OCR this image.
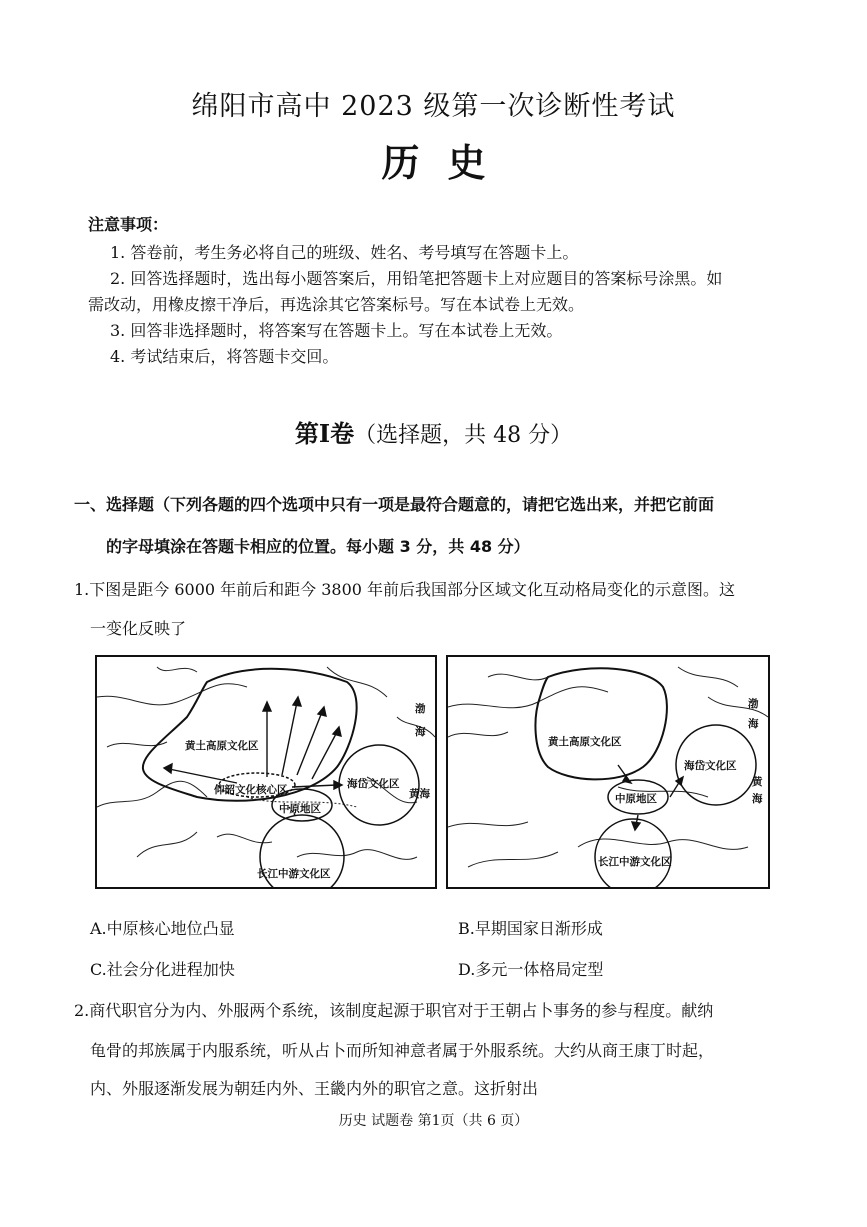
绵阳市高中 2023 级第一次诊断性考试
历史
注意事项：
1. 答卷前，考生务必将自己的班级、姓名、考号填写在答题卡上。
2. 回答选择题时，选出每小题答案后，用铅笔把答题卡上对应题目的答案标号涂黑。如
需改动，用橡皮擦干净后，再选涂其它答案标号。写在本试卷上无效。
3. 回答非选择题时，将答案写在答题卡上。写在本试卷上无效。
4. 考试结束后，将答题卡交回。
第Ⅰ卷（选择题，共 48 分）
一、选择题（下列各题的四个选项中只有一项是最符合题意的，请把它选出来，并把它前面
的字母填涂在答题卡相应的位置。每小题 3 分，共 48 分）
1.下图是距今 6000 年前后和距今 3800 年前后我国部分区域文化互动格局变化的示意图。这
一变化反映了
黄土高原文化区
仰韶文化核心区
中原地区
海岱文化区
长江中游文化区
渤
海
黄海
黄土高原文化区
中原地区
海岱文化区
长江中游文化区
渤
海
黄
海
A.中原核心地位凸显	B.早期国家日渐形成
C.社会分化进程加快	D.多元一体格局定型
2.商代职官分为内、外服两个系统，该制度起源于职官对于王朝占卜事务的参与程度。献纳
龟骨的邦族属于内服系统，听从占卜而所知神意者属于外服系统。大约从商王康丁时起，
内、外服逐渐发展为朝廷内外、王畿内外的职官之意。这折射出
历史 试题卷 第1页（共 6 页）
